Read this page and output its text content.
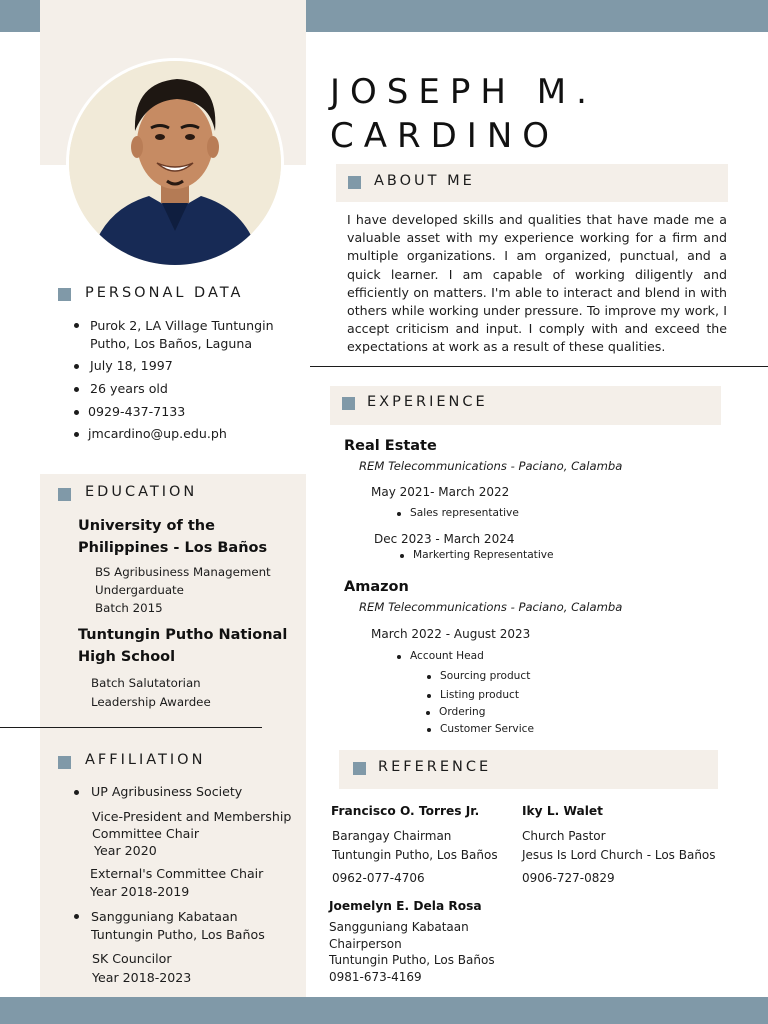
JOSEPH M.
CARDINO
ABOUT ME
I have developed skills and qualities that have made me a valuable asset with my experience working for a firm and multiple organizations. I am organized, punctual, and a quick learner. I am capable of working diligently and efficiently on matters. I'm able to interact and blend in with others while working under pressure. To improve my work, I accept criticism and input. I comply with and exceed the expectations at work as a result of these qualities.
PERSONAL DATA
Purok 2, LA Village Tuntungin
Putho, Los Baños, Laguna
July 18, 1997
26 years old
0929-437-7133
jmcardino@up.edu.ph
EDUCATION
University of the
Philippines - Los Baños
BS Agribusiness Management
Undergarduate
Batch 2015
Tuntungin Putho National
High School
Batch Salutatorian
Leadership Awardee
AFFILIATION
UP Agribusiness Society
Vice-President and Membership
Committee Chair
Year 2020
External's Committee Chair
Year 2018-2019
Sangguniang Kabataan
Tuntungin Putho, Los Baños
SK Councilor
Year 2018-2023
EXPERIENCE
Real Estate
REM Telecommunications - Paciano, Calamba
May 2021- March 2022
Sales representative
Dec 2023 - March 2024
Markerting Representative
Amazon
REM Telecommunications - Paciano, Calamba
March 2022 - August 2023
Account Head
Sourcing product
Listing product
Ordering
Customer Service
REFERENCE
Francisco O. Torres Jr.
Barangay Chairman
Tuntungin Putho, Los Baños
0962-077-4706
Iky L. Walet
Church Pastor
Jesus Is Lord Church - Los Baños
0906-727-0829
Joemelyn E. Dela Rosa
Sangguniang Kabataan
Chairperson
Tuntungin Putho, Los Baños
0981-673-4169
